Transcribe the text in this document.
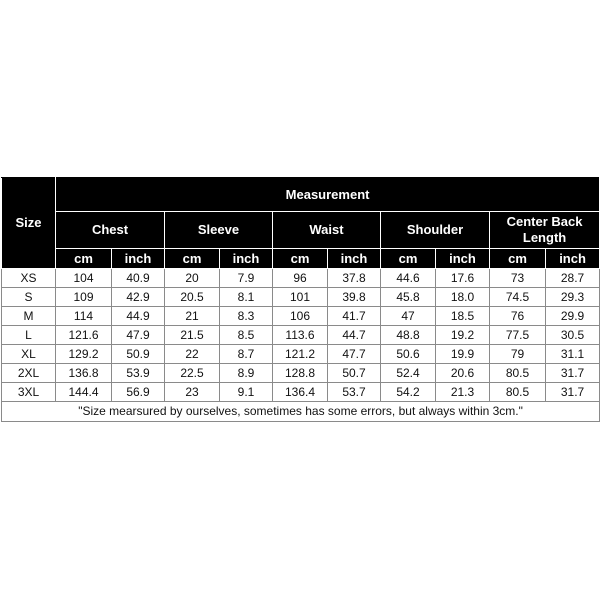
Size	Measurement									
	Chest		Sleeve		Waist		Shoulder		Center Back Length	
	cm	inch	cm	inch	cm	inch	cm	inch	cm	inch
XS	104	40.9	20	7.9	96	37.8	44.6	17.6	73	28.7
S	109	42.9	20.5	8.1	101	39.8	45.8	18.0	74.5	29.3
M	114	44.9	21	8.3	106	41.7	47	18.5	76	29.9
L	121.6	47.9	21.5	8.5	113.6	44.7	48.8	19.2	77.5	30.5
XL	129.2	50.9	22	8.7	121.2	47.7	50.6	19.9	79	31.1
2XL	136.8	53.9	22.5	8.9	128.8	50.7	52.4	20.6	80.5	31.7
3XL	144.4	56.9	23	9.1	136.4	53.7	54.2	21.3	80.5	31.7
"Size mearsured by ourselves, sometimes has some errors, but always within 3cm."										
